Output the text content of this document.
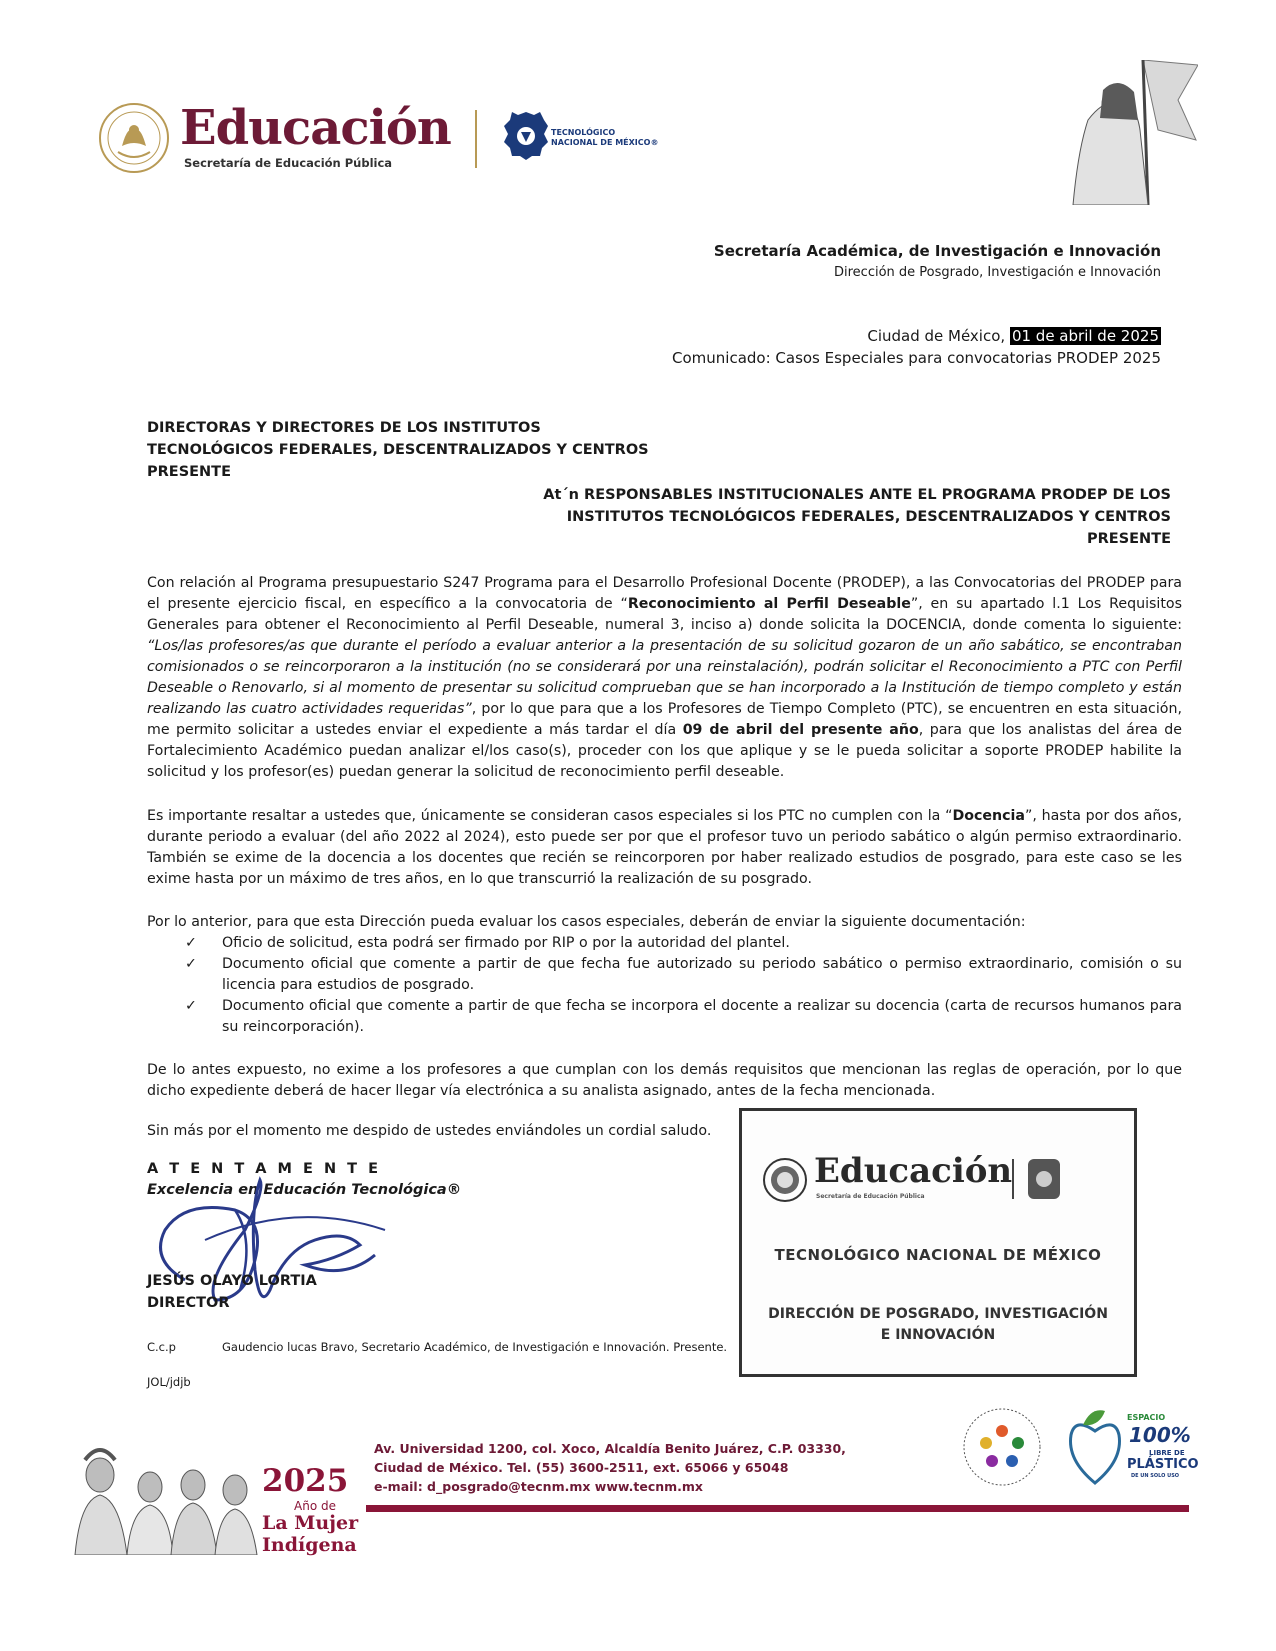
Educación
Secretaría de Educación Pública
TECNOLÓGICO
NACIONAL DE MÉXICO®
Secretaría Académica, de Investigación e Innovación
Dirección de Posgrado, Investigación e Innovación
Ciudad de México, 01 de abril de 2025
Comunicado: Casos Especiales para convocatorias PRODEP 2025
DIRECTORAS Y DIRECTORES DE LOS INSTITUTOS
TECNOLÓGICOS FEDERALES, DESCENTRALIZADOS Y CENTROS
PRESENTE
At´n RESPONSABLES INSTITUCIONALES ANTE EL PROGRAMA PRODEP DE LOS
INSTITUTOS TECNOLÓGICOS FEDERALES, DESCENTRALIZADOS Y CENTROS
PRESENTE
Con relación al Programa presupuestario S247 Programa para el Desarrollo Profesional Docente (PRODEP), a las Convocatorias del PRODEP para el presente ejercicio fiscal, en específico a la convocatoria de “Reconocimiento al Perfil Deseable”, en su apartado l.1 Los Requisitos Generales para obtener el Reconocimiento al Perfil Deseable, numeral 3, inciso a) donde solicita la DOCENCIA, donde comenta lo siguiente: “Los/las profesores/as que durante el período a evaluar anterior a la presentación de su solicitud gozaron de un año sabático, se encontraban comisionados o se reincorporaron a la institución (no se considerará por una reinstalación), podrán solicitar el Reconocimiento a PTC con Perfil Deseable o Renovarlo, si al momento de presentar su solicitud comprueban que se han incorporado a la Institución de tiempo completo y están realizando las cuatro actividades requeridas”, por lo que para que a los Profesores de Tiempo Completo (PTC), se encuentren en esta situación, me permito solicitar a ustedes enviar el expediente a más tardar el día 09 de abril del presente año, para que los analistas del área de Fortalecimiento Académico puedan analizar el/los caso(s), proceder con los que aplique y se le pueda solicitar a soporte PRODEP habilite la solicitud y los profesor(es) puedan generar la solicitud de reconocimiento perfil deseable.
Es importante resaltar a ustedes que, únicamente se consideran casos especiales si los PTC no cumplen con la “Docencia”, hasta por dos años, durante periodo a evaluar (del año 2022 al 2024), esto puede ser por que el profesor tuvo un periodo sabático o algún permiso extraordinario. También se exime de la docencia a los docentes que recién se reincorporen por haber realizado estudios de posgrado, para este caso se les exime hasta por un máximo de tres años, en lo que transcurrió la realización de su posgrado.
Por lo anterior, para que esta Dirección pueda evaluar los casos especiales, deberán de enviar la siguiente documentación:
✓ Oficio de solicitud, esta podrá ser firmado por RIP o por la autoridad del plantel.
✓ Documento oficial que comente a partir de que fecha fue autorizado su periodo sabático o permiso extraordinario, comisión o su licencia para estudios de posgrado.
✓ Documento oficial que comente a partir de que fecha se incorpora el docente a realizar su docencia (carta de recursos humanos para su reincorporación).
De lo antes expuesto, no exime a los profesores a que cumplan con los demás requisitos que mencionan las reglas de operación, por lo que dicho expediente deberá de hacer llegar vía electrónica a su analista asignado, antes de la fecha mencionada.
Sin más por el momento me despido de ustedes enviándoles un cordial saludo.
A T E N T A M E N T E
Excelencia en Educación Tecnológica®
JESÚS OLAYO LORTIA
DIRECTOR
C.c.p	Gaudencio lucas Bravo, Secretario Académico, de Investigación e Innovación. Presente.
JOL/jdjb
Educación
Secretaría de Educación Pública
TECNOLÓGICO NACIONAL DE MÉXICO
DIRECCIÓN DE POSGRADO, INVESTIGACIÓN
E INNOVACIÓN
2025
Año de
La Mujer
Indígena
Av. Universidad 1200, col. Xoco, Alcaldía Benito Juárez, C.P. 03330,
Ciudad de México. Tel. (55) 3600-2511, ext. 65066 y 65048
e-mail: d_posgrado@tecnm.mx www.tecnm.mx
ESPACIO
100%
LIBRE DE
PLÁSTICO
DE UN SOLO USO
